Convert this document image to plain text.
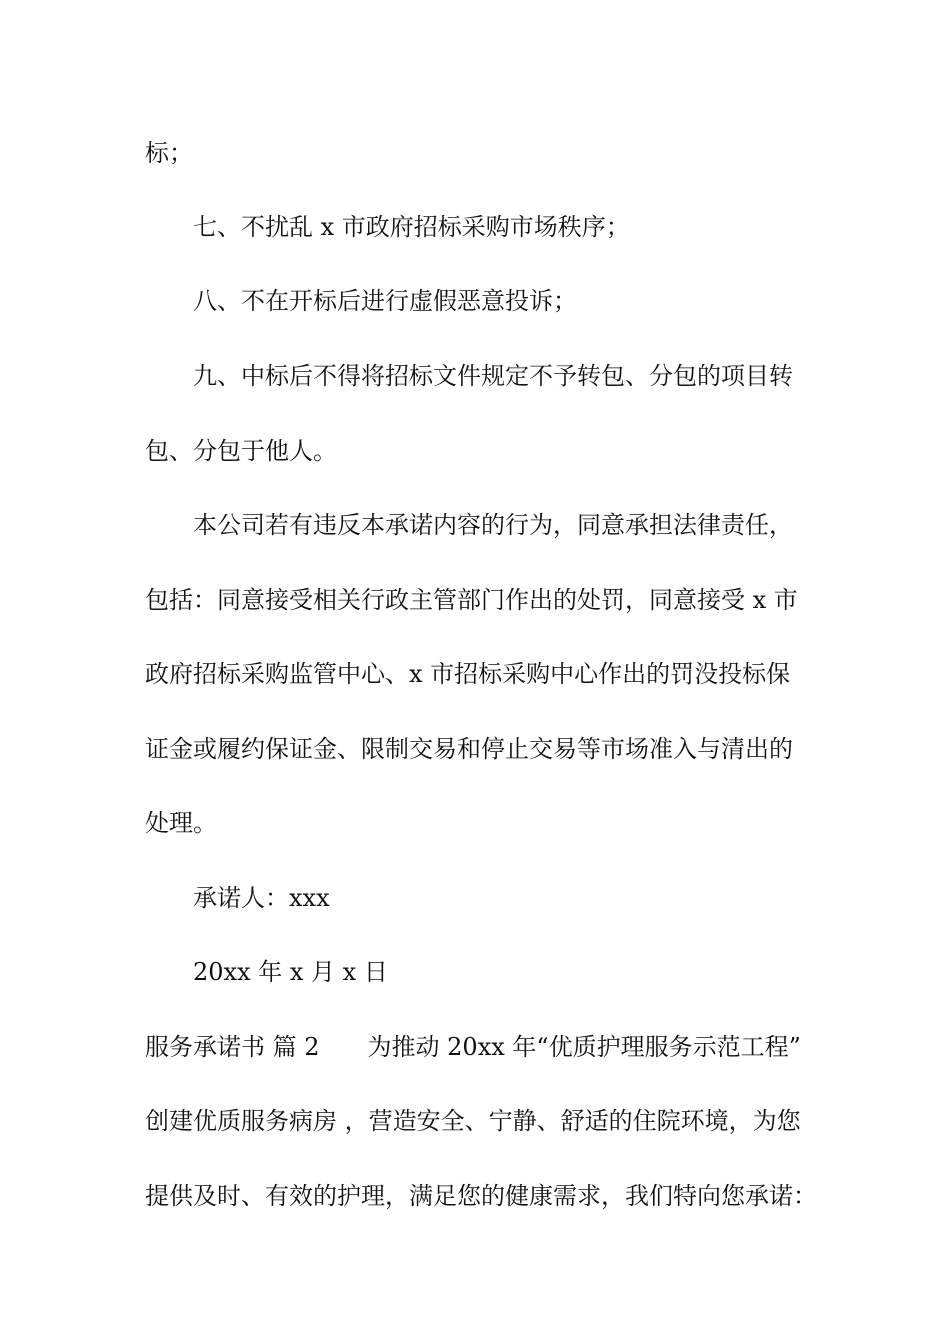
标；
七、不扰乱 x 市政府招标采购市场秩序；
八、不在开标后进行虚假恶意投诉；
九、中标后不得将招标文件规定不予转包、分包的项目转
包、分包于他人。
本公司若有违反本承诺内容的行为，同意承担法律责任，
包括：同意接受相关行政主管部门作出的处罚，同意接受 x 市
政府招标采购监管中心、x 市招标采购中心作出的罚没投标保
证金或履约保证金、限制交易和停止交易等市场准入与清出的
处理。
承诺人：xxx
20xx 年 x 月 x 日
服务承诺书 篇 2 为推动 20xx 年“优质护理服务示范工程”
创建优质服务病房 ，营造安全、宁静、舒适的住院环境，为您
提供及时、有效的护理，满足您的健康需求，我们特向您承诺：
